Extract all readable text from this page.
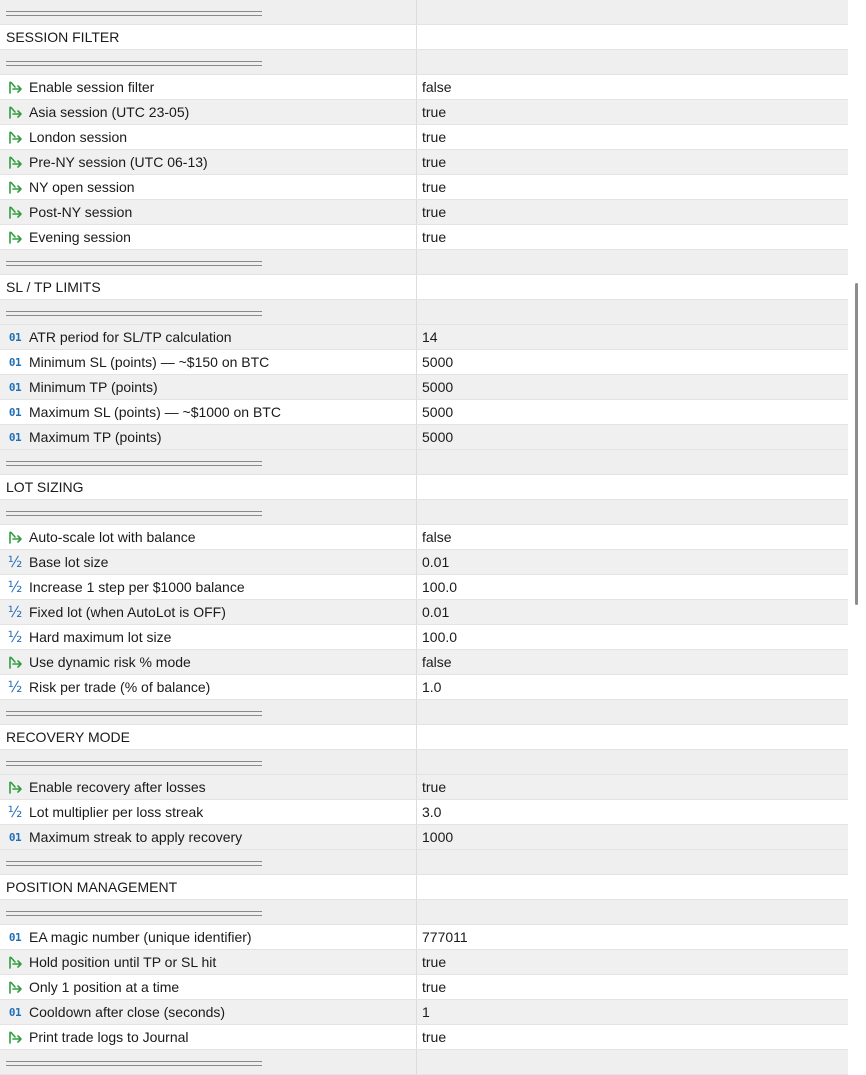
SESSION FILTER
Enable session filter	false
Asia session (UTC 23-05)	true
London session	true
Pre-NY session (UTC 06-13)	true
NY open session	true
Post-NY session	true
Evening session	true
SL / TP LIMITS
01 ATR period for SL/TP calculation	14
01 Minimum SL (points) — ~$150 on BTC	5000
01 Minimum TP (points)	5000
01 Maximum SL (points) — ~$1000 on BTC	5000
01 Maximum TP (points)	5000
LOT SIZING
Auto-scale lot with balance	false
½ Base lot size	0.01
½ Increase 1 step per $1000 balance	100.0
½ Fixed lot (when AutoLot is OFF)	0.01
½ Hard maximum lot size	100.0
Use dynamic risk % mode	false
½ Risk per trade (% of balance)	1.0
RECOVERY MODE
Enable recovery after losses	true
½ Lot multiplier per loss streak	3.0
01 Maximum streak to apply recovery	1000
POSITION MANAGEMENT
01 EA magic number (unique identifier)	777011
Hold position until TP or SL hit	true
Only 1 position at a time	true
01 Cooldown after close (seconds)	1
Print trade logs to Journal	true
